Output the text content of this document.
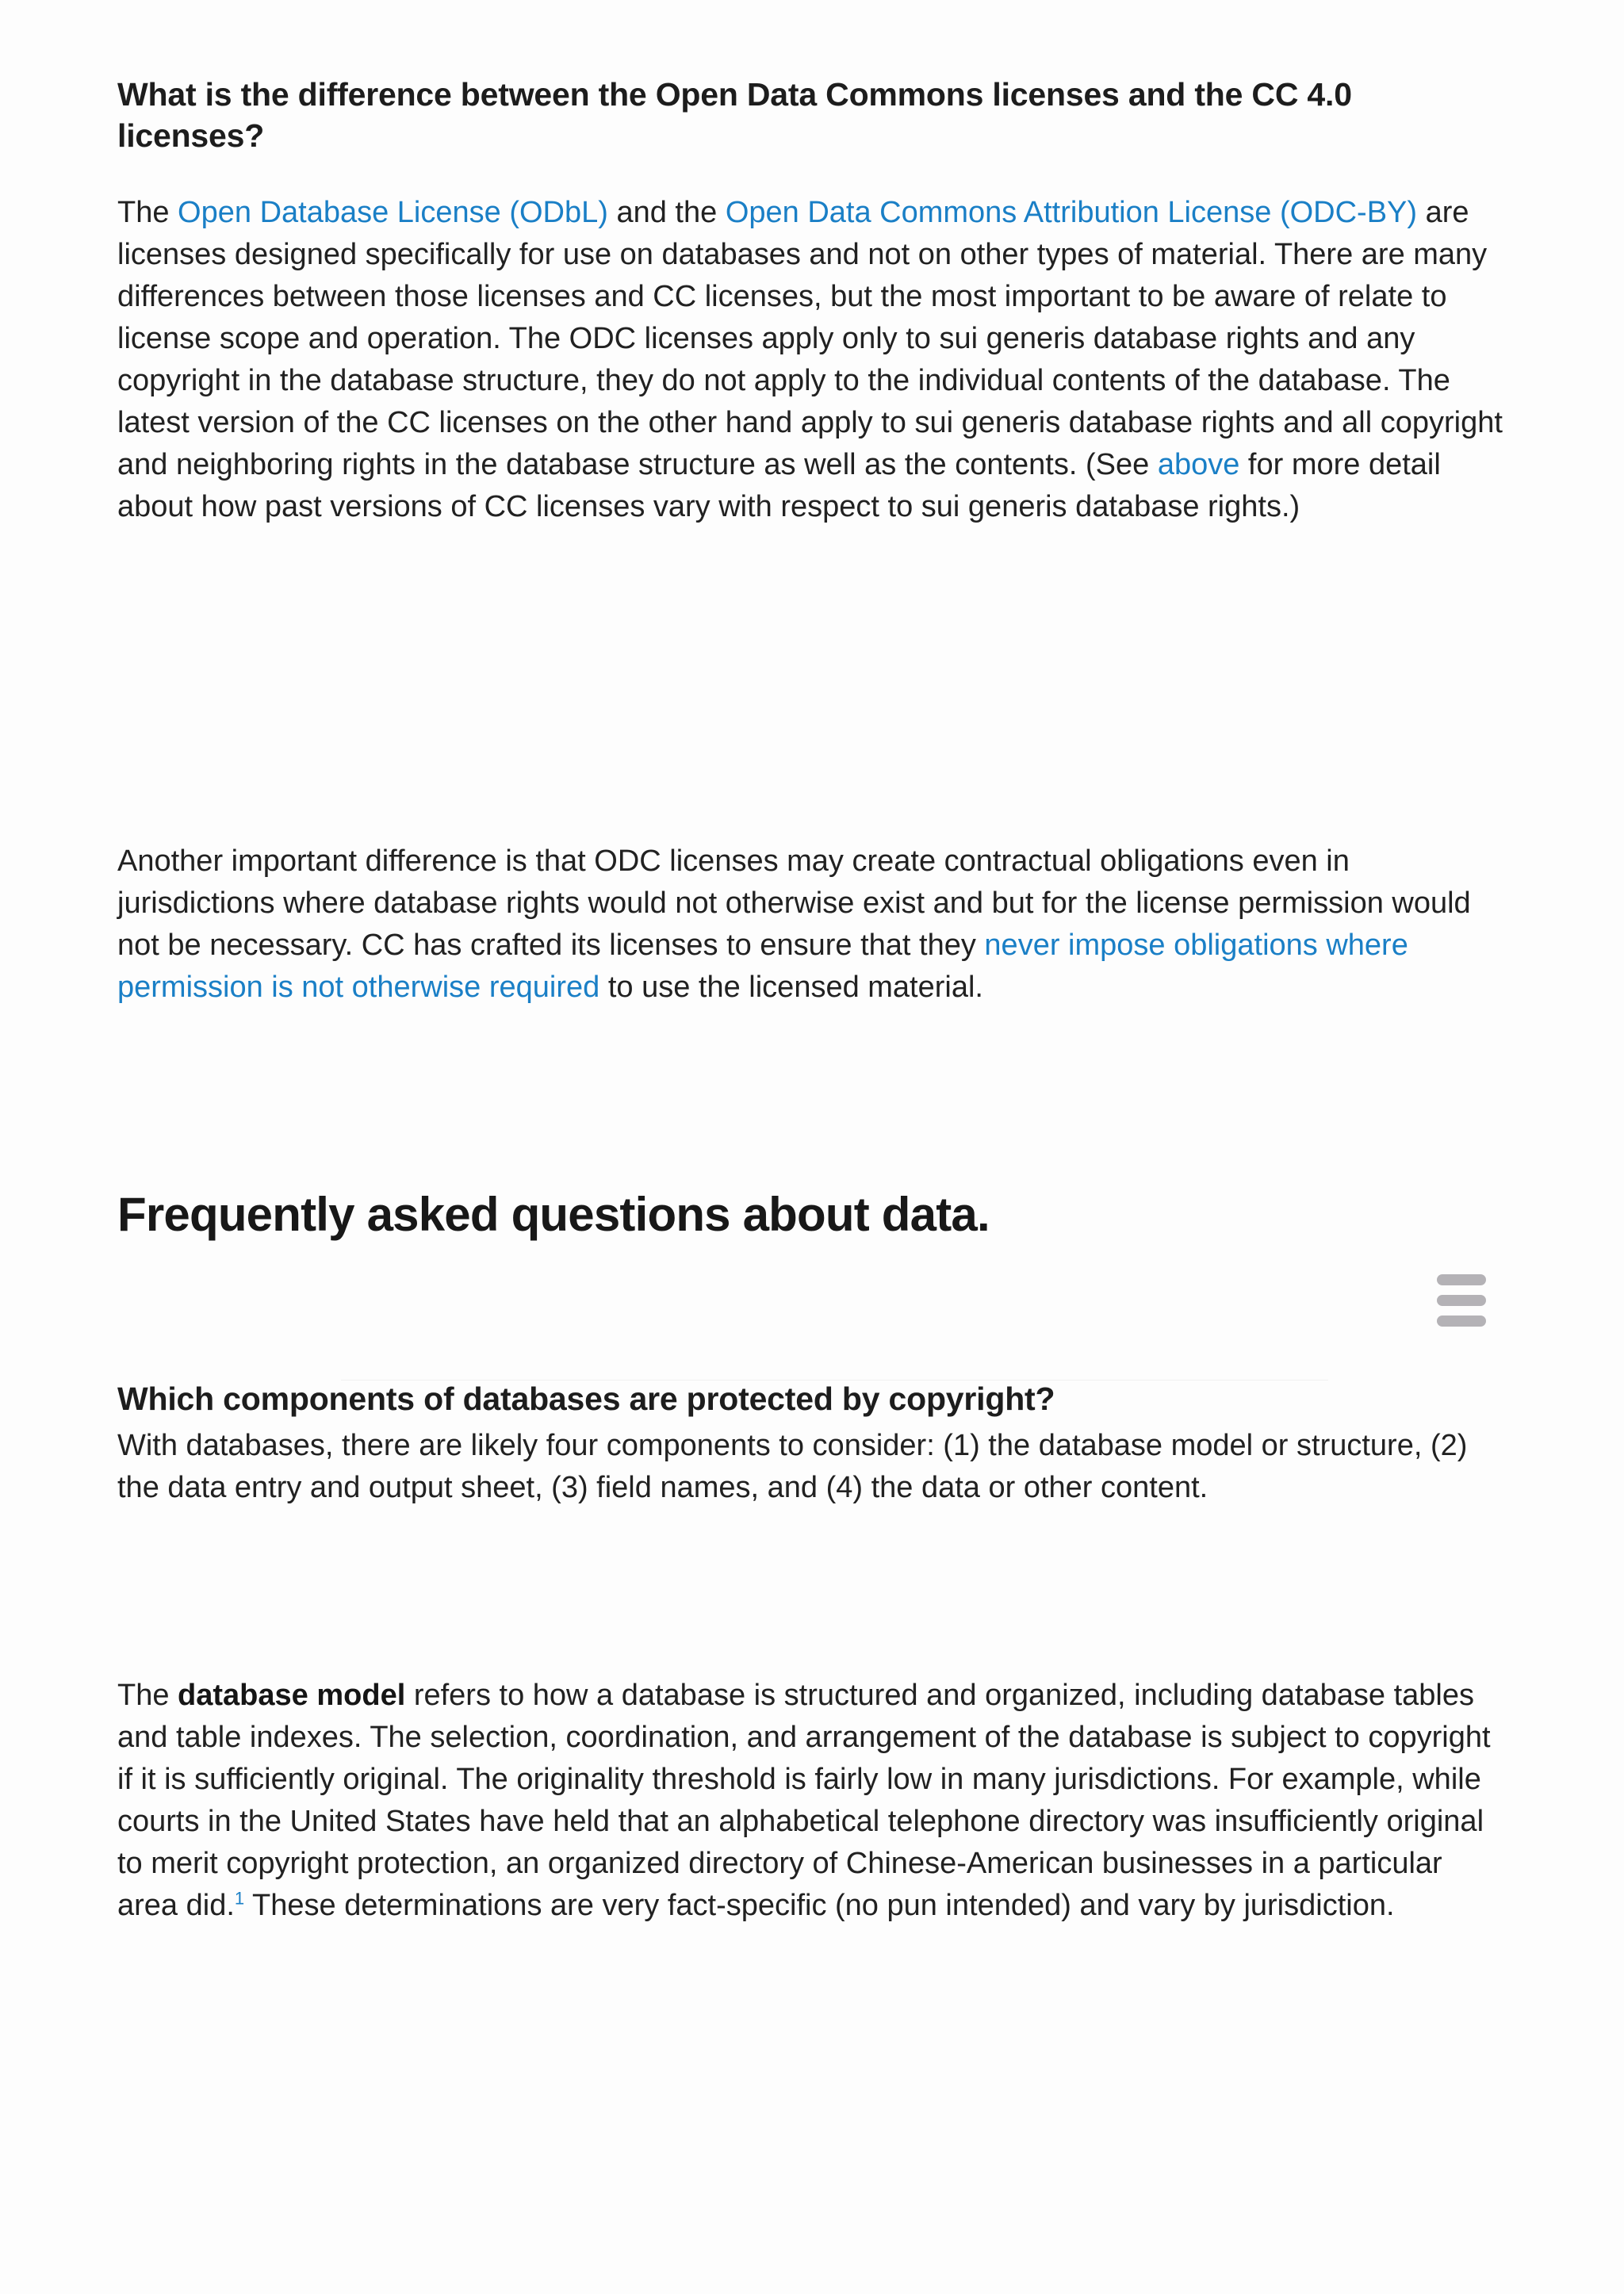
What is the difference between the Open Data Commons licenses and the CC 4.0 licenses?

The Open Database License (ODbL) and the Open Data Commons Attribution License (ODC-BY) are licenses designed specifically for use on databases and not on other types of material. There are many differences between those licenses and CC licenses, but the most important to be aware of relate to license scope and operation. The ODC licenses apply only to sui generis database rights and any copyright in the database structure, they do not apply to the individual contents of the database. The latest version of the CC licenses on the other hand apply to sui generis database rights and all copyright and neighboring rights in the database structure as well as the contents. (See above for more detail about how past versions of CC licenses vary with respect to sui generis database rights.)

Another important difference is that ODC licenses may create contractual obligations even in jurisdictions where database rights would not otherwise exist and but for the license permission would not be necessary. CC has crafted its licenses to ensure that they never impose obligations where permission is not otherwise required to use the licensed material.

Frequently asked questions about data.
Which components of databases are protected by copyright?

With databases, there are likely four components to consider: (1) the database model or structure, (2) the data entry and output sheet, (3) field names, and (4) the data or other content.

The database model refers to how a database is structured and organized, including database tables and table indexes. The selection, coordination, and arrangement of the database is subject to copyright if it is sufficiently original. The originality threshold is fairly low in many jurisdictions. For example, while courts in the United States have held that an alphabetical telephone directory was insufficiently original to merit copyright protection, an organized directory of Chinese-American businesses in a particular area did.$^1$ These determinations are very fact-specific (no pun intended) and vary by jurisdiction.
